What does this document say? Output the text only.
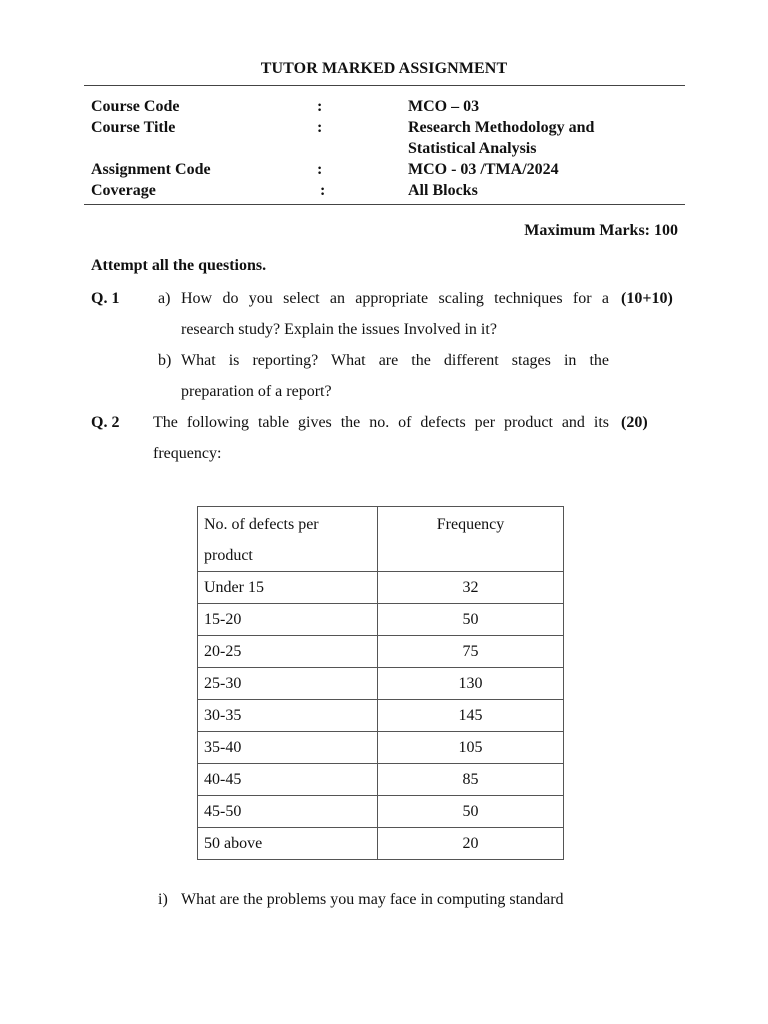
TUTOR MARKED ASSIGNMENT
Course Code	:	MCO – 03
Course Title	:	Research Methodology and
Statistical Analysis
Assignment Code	:	MCO - 03 /TMA/2024
Coverage	:	All Blocks
Maximum Marks: 100
Attempt all the questions.
Q. 1 a) How do you select an appropriate scaling techniques for a (10+10)
research study? Explain the issues Involved in it?
b) What is reporting? What are the different stages in the
preparation of a report?
Q. 2 The following table gives the no. of defects per product and its (20)
frequency:
No. of defects per
product	Frequency
Under 15	32
15-20	50
20-25	75
25-30	130
30-35	145
35-40	105
40-45	85
45-50	50
50 above	20
i) What are the problems you may face in computing standard
